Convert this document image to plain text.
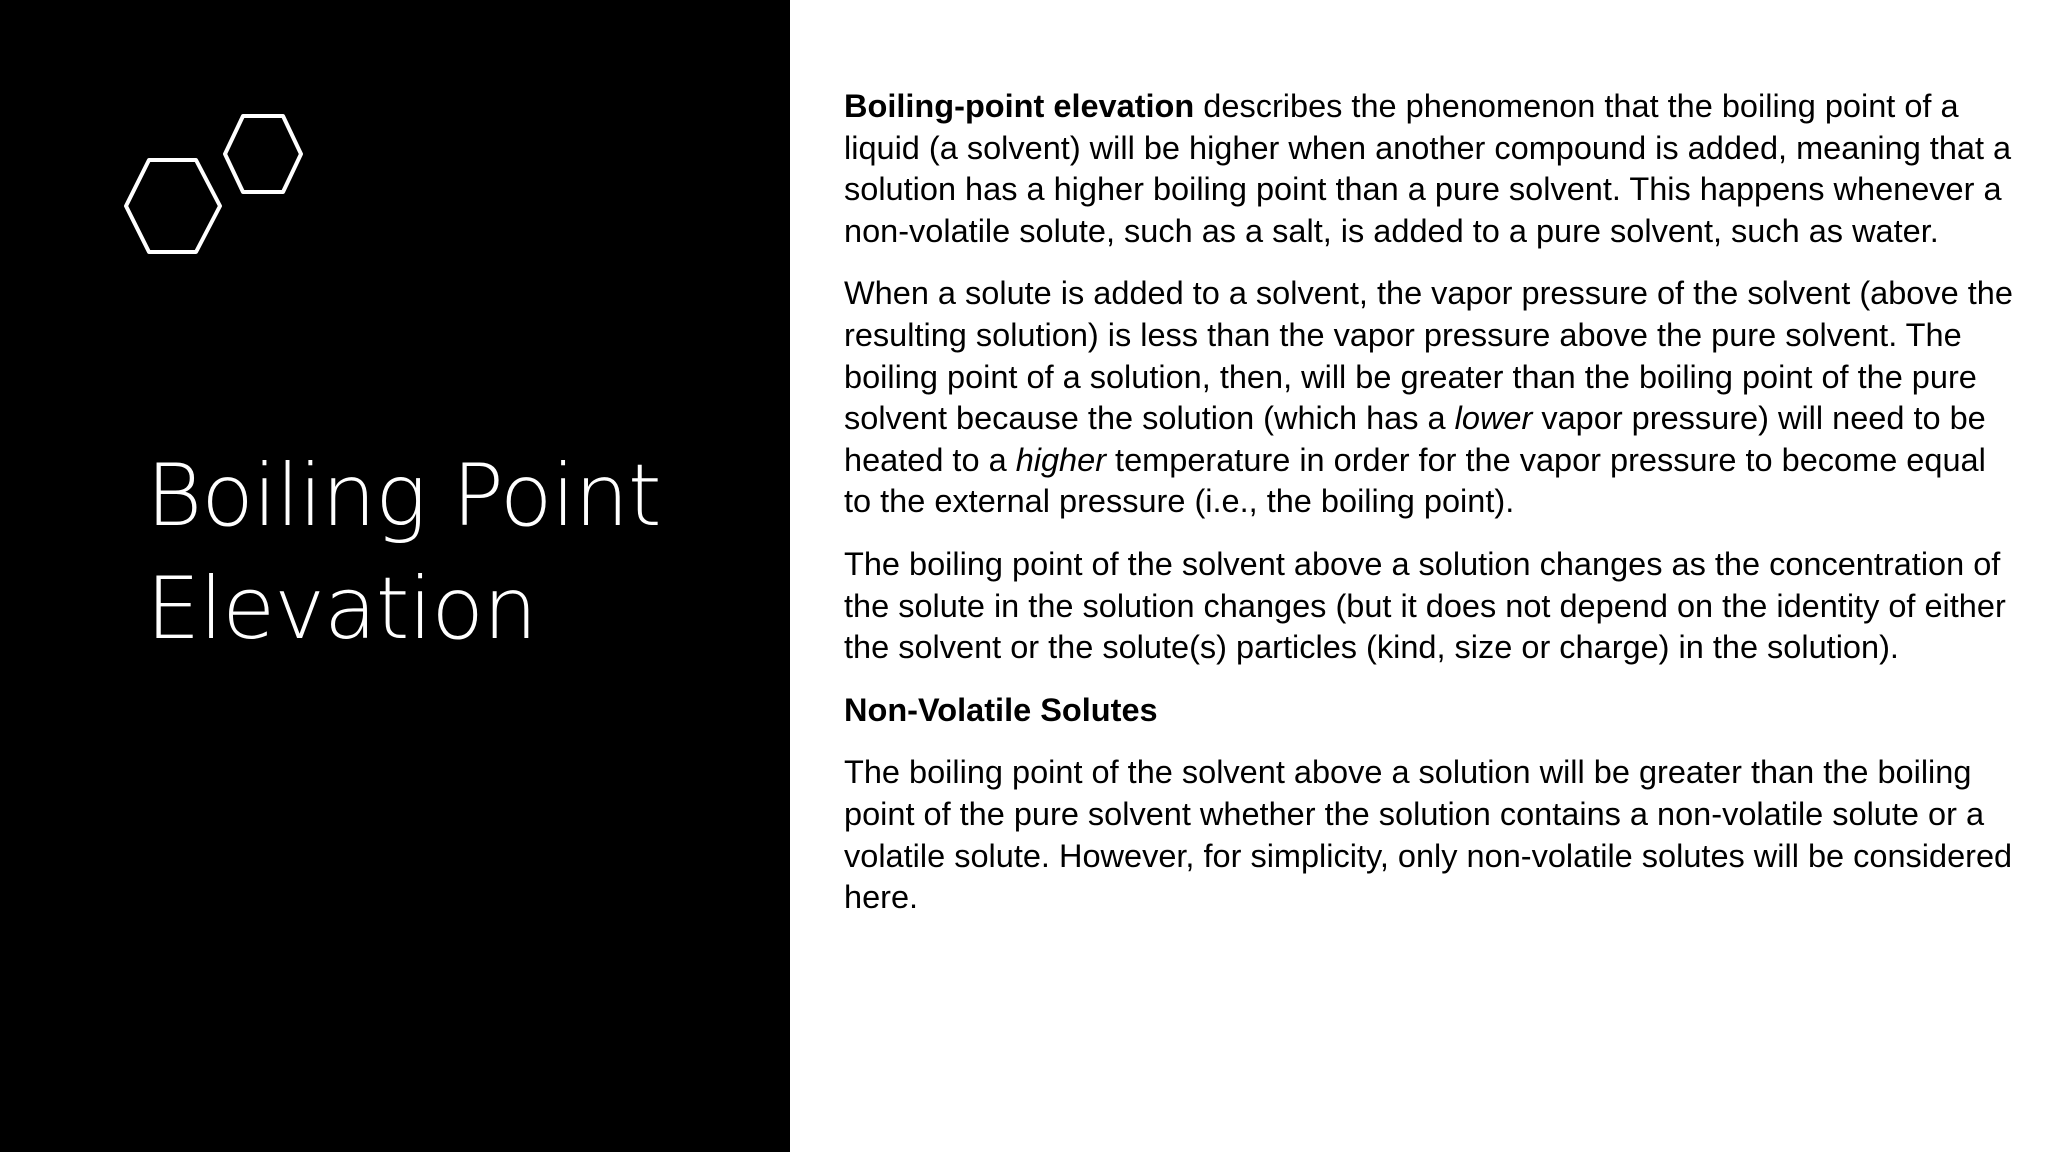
Boiling Point
Elevation

Boiling-point elevation describes the phenomenon that the boiling point of a liquid (a solvent) will be higher when another compound is added, meaning that a solution has a higher boiling point than a pure solvent. This happens whenever a non-volatile solute, such as a salt, is added to a pure solvent, such as water.

When a solute is added to a solvent, the vapor pressure of the solvent (above the resulting solution) is less than the vapor pressure above the pure solvent. The boiling point of a solution, then, will be greater than the boiling point of the pure solvent because the solution (which has a lower vapor pressure) will need to be heated to a higher temperature in order for the vapor pressure to become equal to the external pressure (i.e., the boiling point).

The boiling point of the solvent above a solution changes as the concentration of the solute in the solution changes (but it does not depend on the identity of either the solvent or the solute(s) particles (kind, size or charge) in the solution).

Non-Volatile Solutes

The boiling point of the solvent above a solution will be greater than the boiling point of the pure solvent whether the solution contains a non-volatile solute or a volatile solute. However, for simplicity, only non-volatile solutes will be considered here.
